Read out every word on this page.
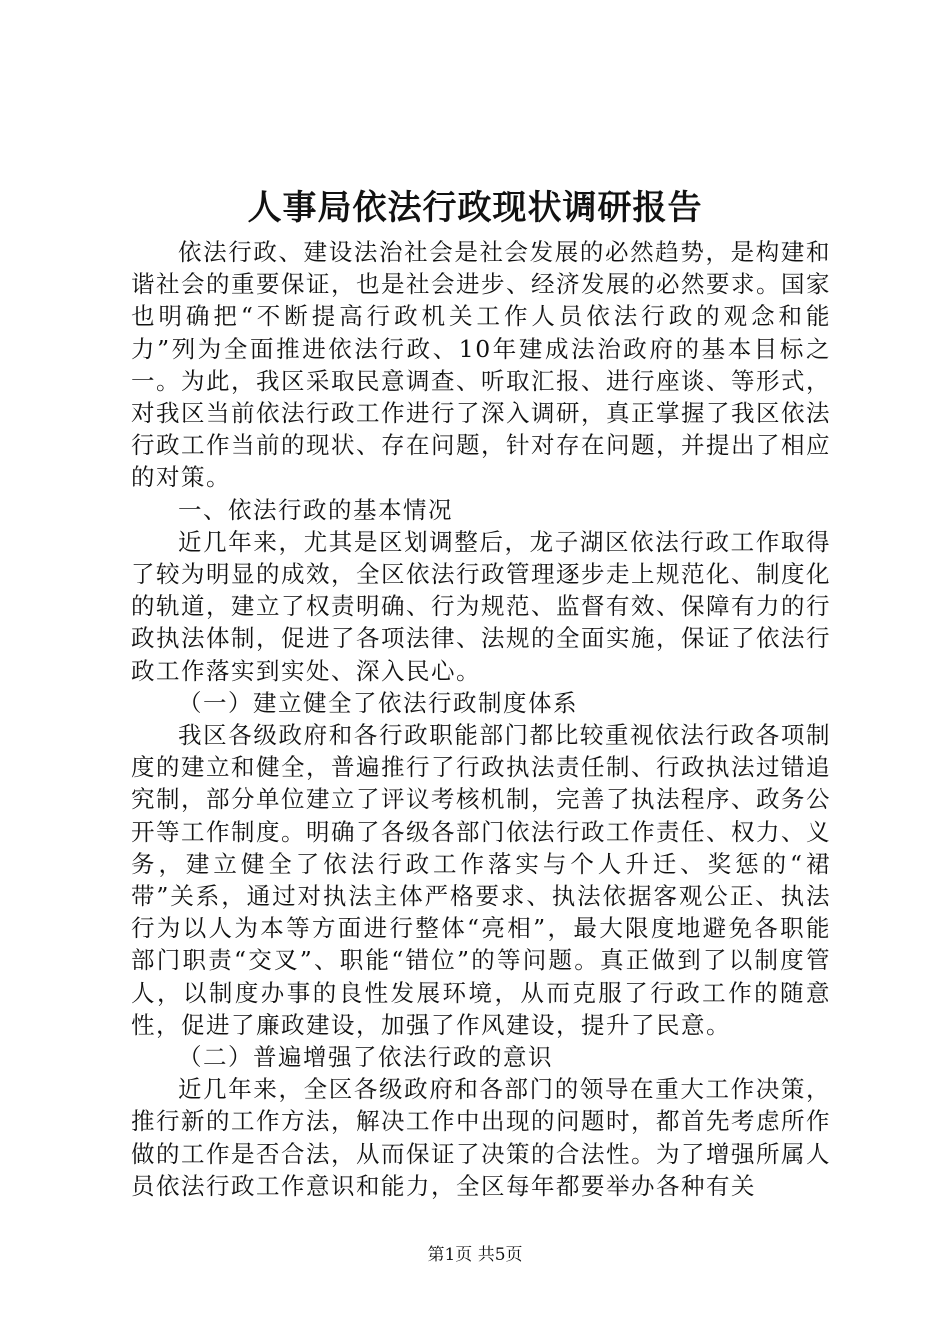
人事局依法行政现状调研报告

依法行政、建设法治社会是社会发展的必然趋势，是构建和谐社会的重要保证，也是社会进步、经济发展的必然要求。国家也明确把“不断提高行政机关工作人员依法行政的观念和能力”列为全面推进依法行政、10年建成法治政府的基本目标之一。为此，我区采取民意调查、听取汇报、进行座谈、等形式，对我区当前依法行政工作进行了深入调研，真正掌握了我区依法行政工作当前的现状、存在问题，针对存在问题，并提出了相应的对策。

一、依法行政的基本情况

近几年来，尤其是区划调整后，龙子湖区依法行政工作取得了较为明显的成效，全区依法行政管理逐步走上规范化、制度化的轨道，建立了权责明确、行为规范、监督有效、保障有力的行政执法体制，促进了各项法律、法规的全面实施，保证了依法行政工作落实到实处、深入民心。

（一）建立健全了依法行政制度体系

我区各级政府和各行政职能部门都比较重视依法行政各项制度的建立和健全，普遍推行了行政执法责任制、行政执法过错追究制，部分单位建立了评议考核机制，完善了执法程序、政务公开等工作制度。明确了各级各部门依法行政工作责任、权力、义务，建立健全了依法行政工作落实与个人升迁、奖惩的“裙带”关系，通过对执法主体严格要求、执法依据客观公正、执法行为以人为本等方面进行整体“亮相”，最大限度地避免各职能部门职责“交叉”、职能“错位”的等问题。真正做到了以制度管人，以制度办事的良性发展环境，从而克服了行政工作的随意性，促进了廉政建设，加强了作风建设，提升了民意。

（二）普遍增强了依法行政的意识

近几年来，全区各级政府和各部门的领导在重大工作决策，推行新的工作方法，解决工作中出现的问题时，都首先考虑所作做的工作是否合法，从而保证了决策的合法性。为了增强所属人员依法行政工作意识和能力，全区每年都要举办各种有关

第1页 共5页
